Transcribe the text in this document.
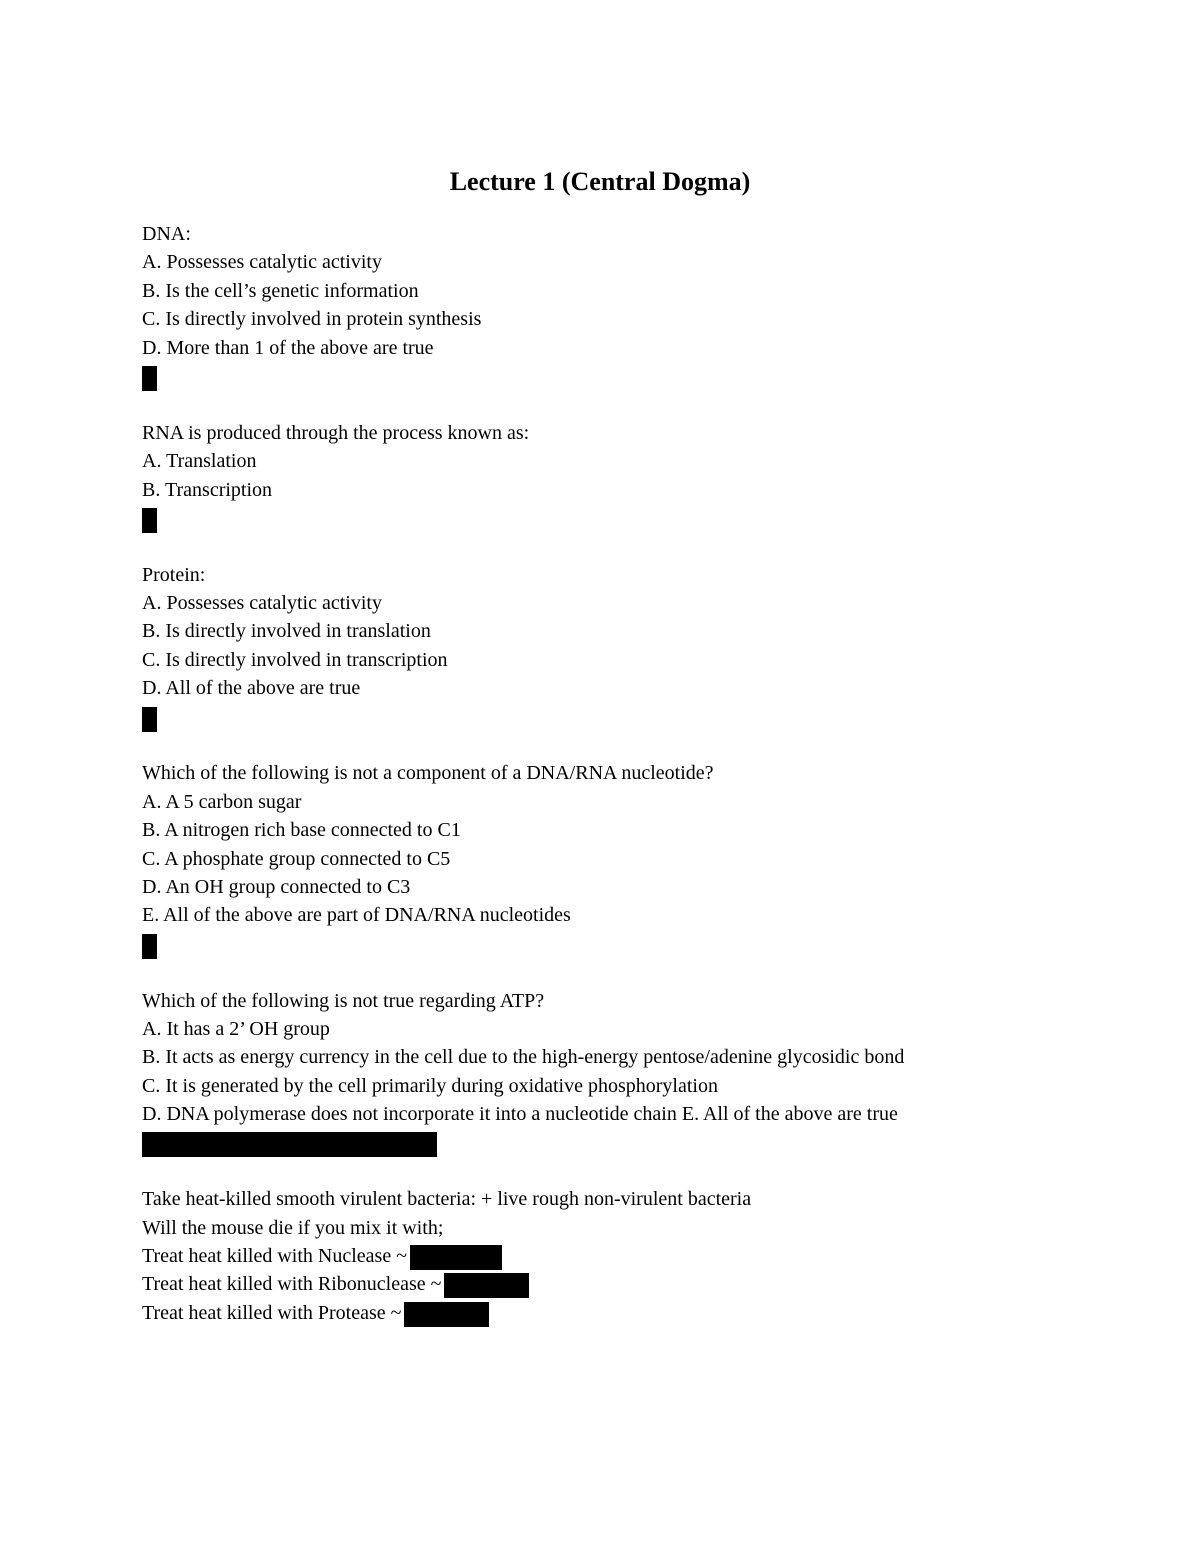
Lecture 1 (Central Dogma)
DNA:
A. Possesses catalytic activity
B. Is the cell’s genetic information
C. Is directly involved in protein synthesis
D. More than 1 of the above are true
RNA is produced through the process known as:
A. Translation
B. Transcription
Protein:
A. Possesses catalytic activity
B. Is directly involved in translation
C. Is directly involved in transcription
D. All of the above are true
Which of the following is not a component of a DNA/RNA nucleotide?
A. A 5 carbon sugar
B. A nitrogen rich base connected to C1
C. A phosphate group connected to C5
D. An OH group connected to C3
E. All of the above are part of DNA/RNA nucleotides
Which of the following is not true regarding ATP?
A. It has a 2’ OH group
B. It acts as energy currency in the cell due to the high-energy pentose/adenine glycosidic bond
C. It is generated by the cell primarily during oxidative phosphorylation
D. DNA polymerase does not incorporate it into a nucleotide chain E. All of the above are true
Take heat-killed smooth virulent bacteria: + live rough non-virulent bacteria
Will the mouse die if you mix it with;
Treat heat killed with Nuclease ~
Treat heat killed with Ribonuclease ~
Treat heat killed with Protease ~
